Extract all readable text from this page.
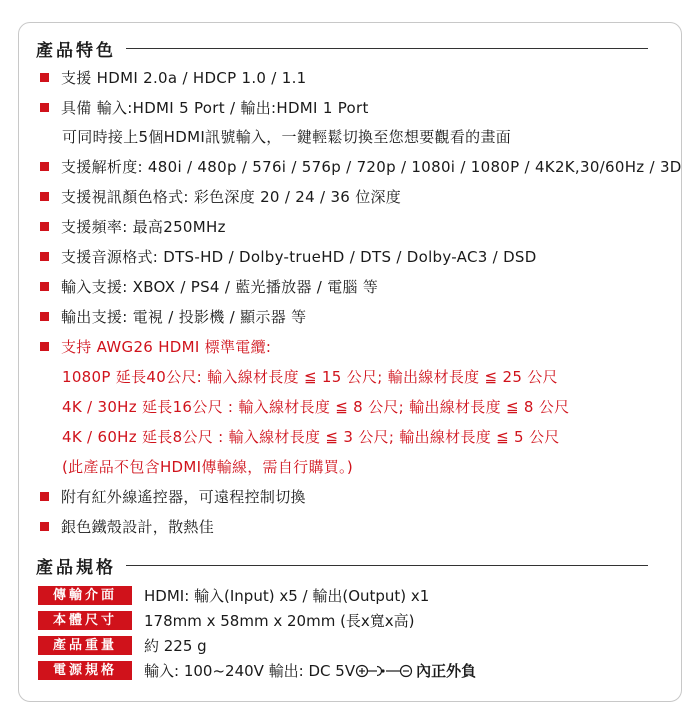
產品特色
支援 HDMI 2.0a / HDCP 1.0 / 1.1
具備 輸入:HDMI 5 Port / 輸出:HDMI 1 Port
可同時接上5個HDMI訊號輸入，一鍵輕鬆切換至您想要觀看的畫面
支援解析度: 480i / 480p / 576i / 576p / 720p / 1080i / 1080P / 4K2K,30/60Hz / 3D
支援視訊顏色格式: 彩色深度 20 / 24 / 36 位深度
支援頻率: 最高250MHz
支援音源格式: DTS-HD / Dolby-trueHD / DTS / Dolby-AC3 / DSD
輸入支援: XBOX / PS4 / 藍光播放器 / 電腦 等
輸出支援: 電視 / 投影機 / 顯示器 等
支持 AWG26 HDMI 標準電纜:
1080P 延長40公尺: 輸入線材長度 ≦ 15 公尺; 輸出線材長度 ≦ 25 公尺
4K / 30Hz 延長16公尺 : 輸入線材長度 ≦ 8 公尺; 輸出線材長度 ≦ 8 公尺
4K / 60Hz 延長8公尺 : 輸入線材長度 ≦ 3 公尺; 輸出線材長度 ≦ 5 公尺
(此產品不包含HDMI傳輸線，需自行購買。)
附有紅外線遙控器，可遠程控制切換
銀色鐵殼設計，散熱佳
產品規格
傳輸介面	HDMI: 輸入(Input) x5 / 輸出(Output) x1
本體尺寸	178mm x 58mm x 20mm (長x寬x高)
產品重量	約 225 g
電源規格	輸入: 100~240V 輸出: DC 5V	內正外負
